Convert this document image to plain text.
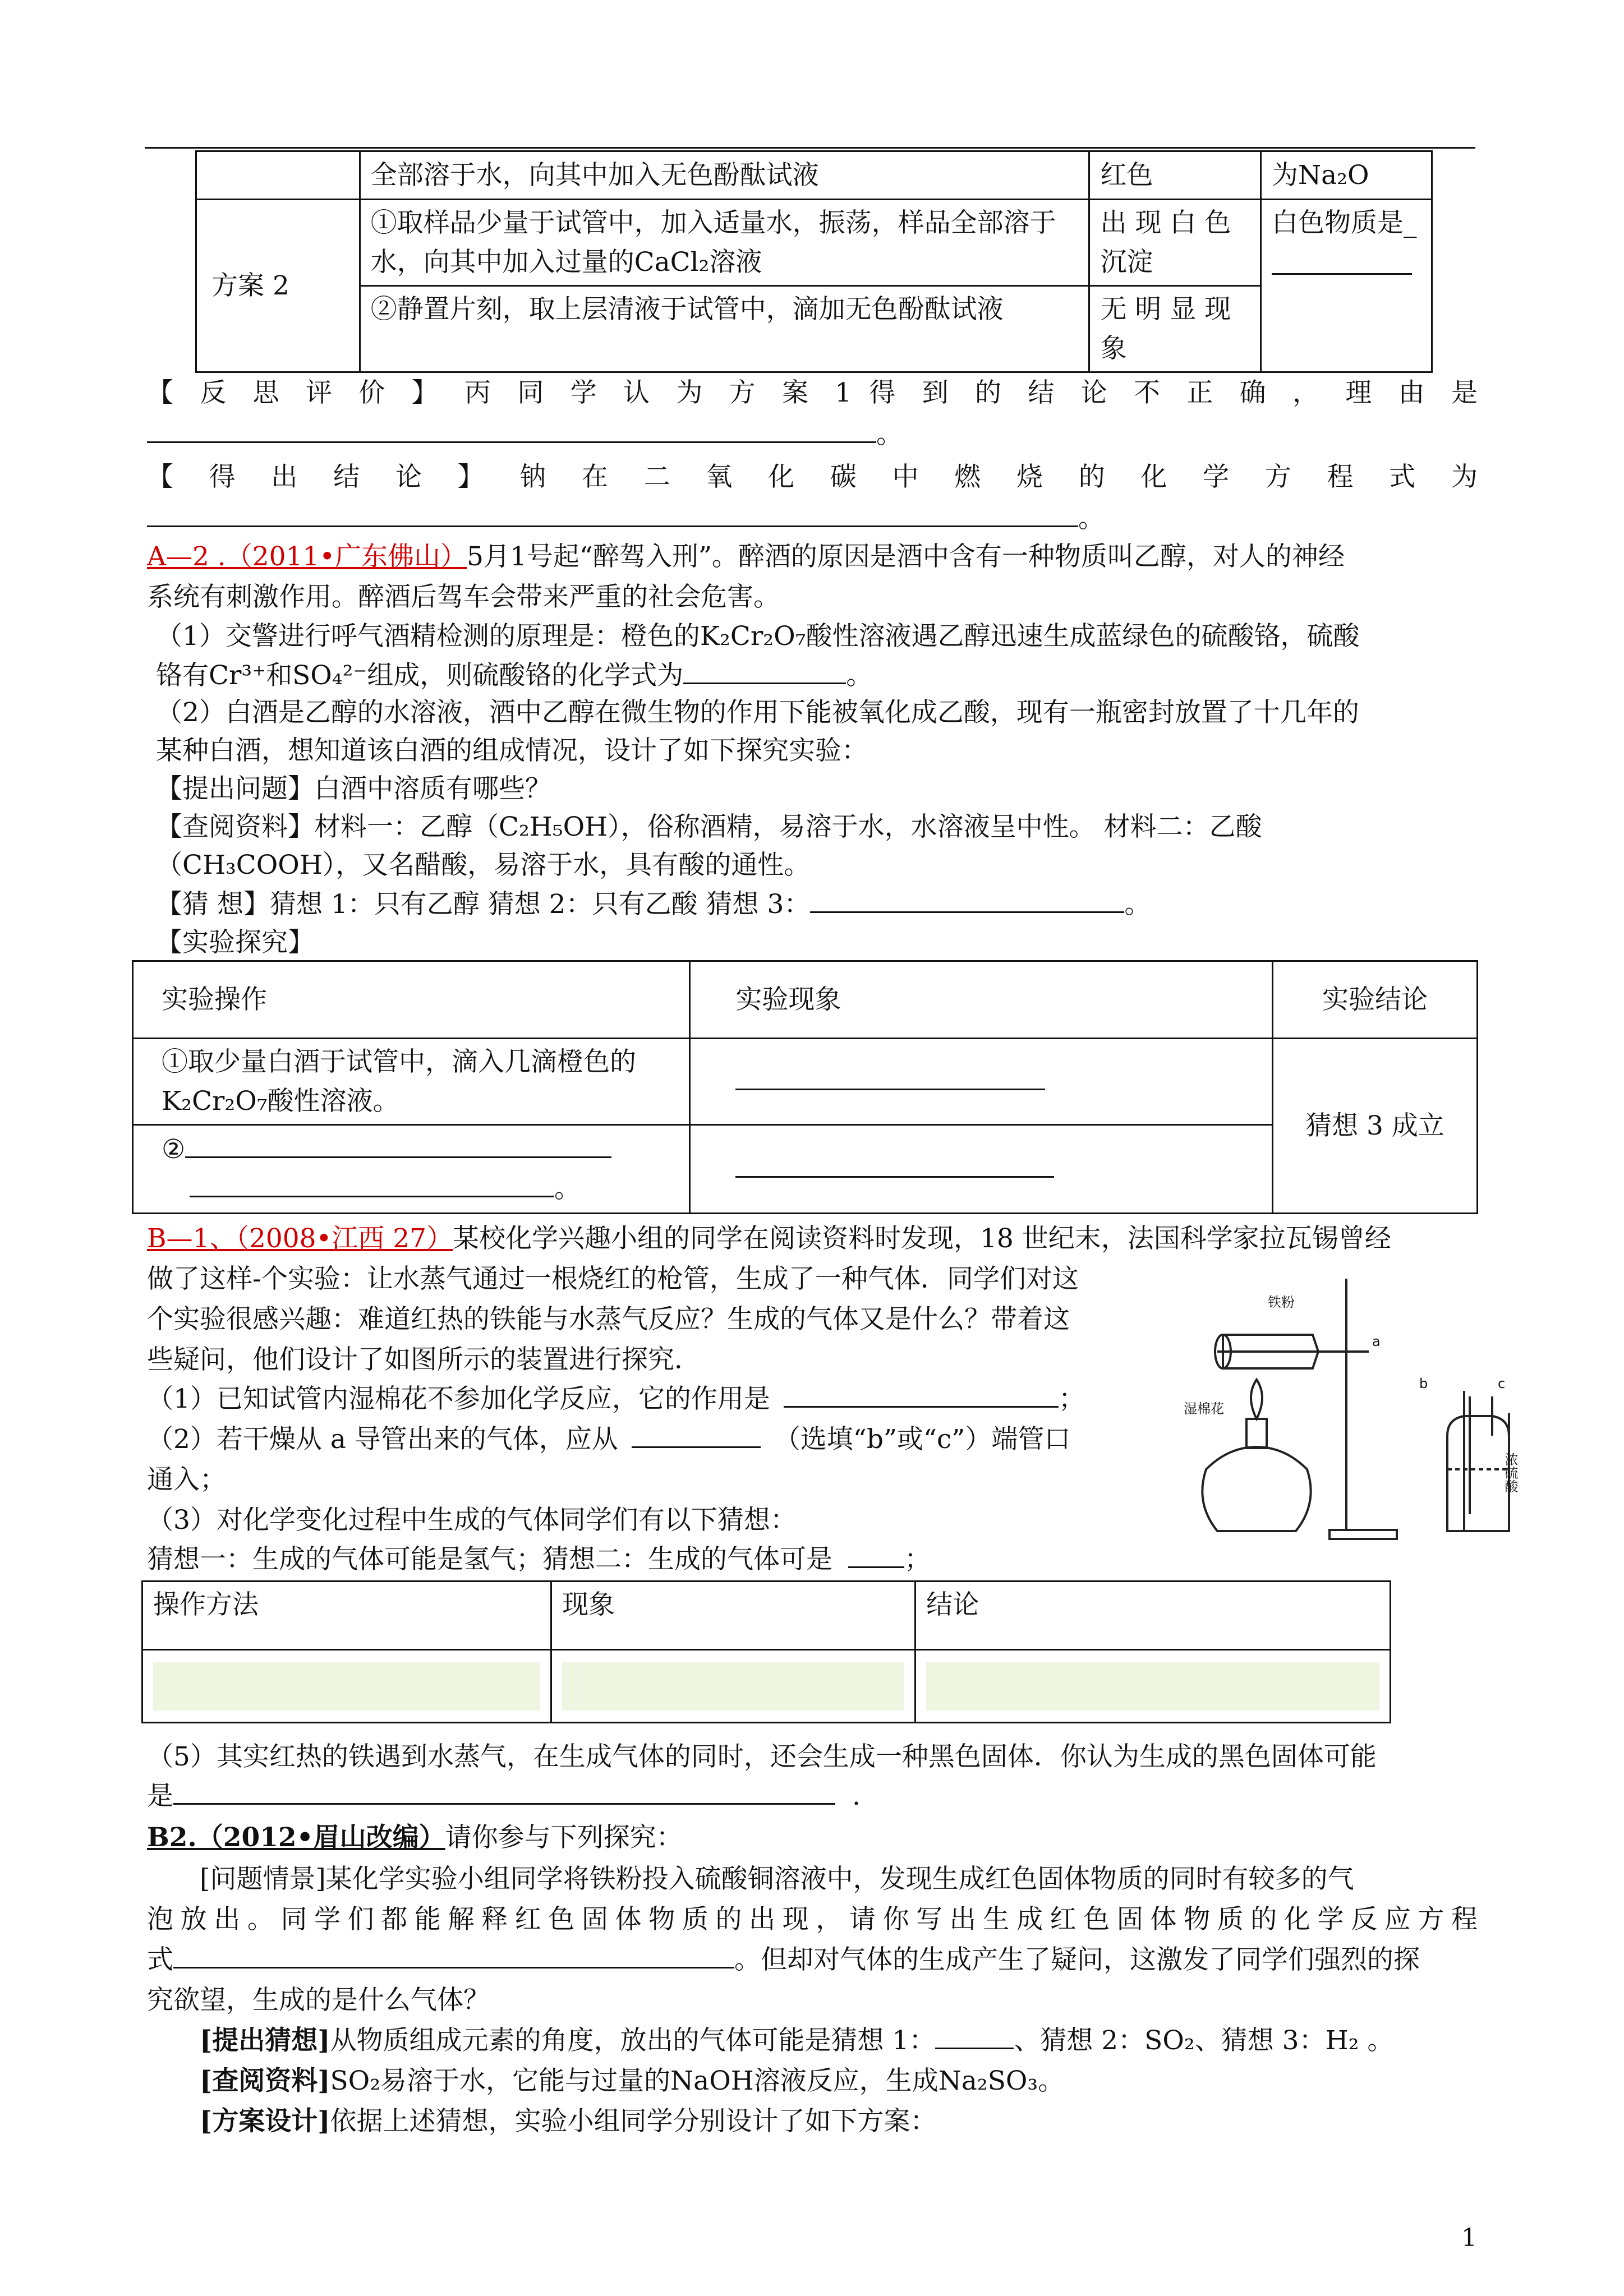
	全部溶于水，向其中加入无色酚酞试液	红色	为Na₂O
方案 2	①取样品少量于试管中，加入适量水，振荡，样品全部溶于水，向其中加入过量的CaCl₂溶液	出 现 白 色 沉淀	白色物质是_

	②静置片刻，取上层清液于试管中，滴加无色酚酞试液	无 明 显 现象	
【 反 思 评 价 】 丙 同 学 认 为 方 案 1 得 到 的 结 论 不 正 确 ， 理 由 是
。
【 得 出 结 论 】 钠 在 二 氧 化 碳 中 燃 烧 的 化 学 方 程 式 为
。
A—2 .（2011•广东佛山）5月1号起“醉驾入刑”。醉酒的原因是酒中含有一种物质叫乙醇，对人的神经
系统有刺激作用。醉酒后驾车会带来严重的社会危害。
（1）交警进行呼气酒精检测的原理是：橙色的K₂Cr₂O₇酸性溶液遇乙醇迅速生成蓝绿色的硫酸铬，硫酸
铬有Cr³⁺和SO₄²⁻组成，则硫酸铬的化学式为	。
（2）白酒是乙醇的水溶液，酒中乙醇在微生物的作用下能被氧化成乙酸，现有一瓶密封放置了十几年的
某种白酒，想知道该白酒的组成情况，设计了如下探究实验：
【提出问题】白酒中溶质有哪些？
【查阅资料】材料一：乙醇（C₂H₅OH），俗称酒精，易溶于水，水溶液呈中性。 材料二：乙酸
（CH₃COOH），又名醋酸，易溶于水，具有酸的通性。
【猜 想】猜想 1：只有乙醇 猜想 2：只有乙酸 猜想 3：	。
【实验探究】
实验操作	实验现象	实验结论
①取少量白酒于试管中，滴入几滴橙色的K₂Cr₂O₇酸性溶液。		猜想 3 成立

②
。		

B—1、（2008•江西 27）某校化学兴趣小组的同学在阅读资料时发现，18 世纪末，法国科学家拉瓦锡曾经
做了这样-个实验：让水蒸气通过一根烧红的枪管，生成了一种气体．同学们对这
个实验很感兴趣：难道红热的铁能与水蒸气反应？生成的气体又是什么？带着这
些疑问，他们设计了如图所示的装置进行探究．
（1）已知试管内湿棉花不参加化学反应，它的作用是	；
（2）若干燥从 a 导管出来的气体，应从	（选填“b”或“c”）端管口
通入；
（3）对化学变化过程中生成的气体同学们有以下猜想：
猜想一：生成的气体可能是氢气；猜想二：生成的气体可是	；
铁粉
湿棉花
a
b	c
浓硫酸
操作方法	现象	结论

（5）其实红热的铁遇到水蒸气，在生成气体的同时，还会生成一种黑色固体．你认为生成的黑色固体可能
是	.
B2.（2012•眉山改编）请你参与下列探究：
[问题情景]某化学实验小组同学将铁粉投入硫酸铜溶液中，发现生成红色固体物质的同时有较多的气
泡放出。同学们都能解释红色固体物质的出现，请你写出生成红色固体物质的化学反应方程
式	。但却对气体的生成产生了疑问，这激发了同学们强烈的探
究欲望，生成的是什么气体？
[提出猜想]从物质组成元素的角度，放出的气体可能是猜想 1：	、猜想 2：SO₂、猜想 3：H₂ 。
[查阅资料]SO₂易溶于水，它能与过量的NaOH溶液反应，生成Na₂SO₃。
[方案设计]依据上述猜想，实验小组同学分别设计了如下方案：
1
